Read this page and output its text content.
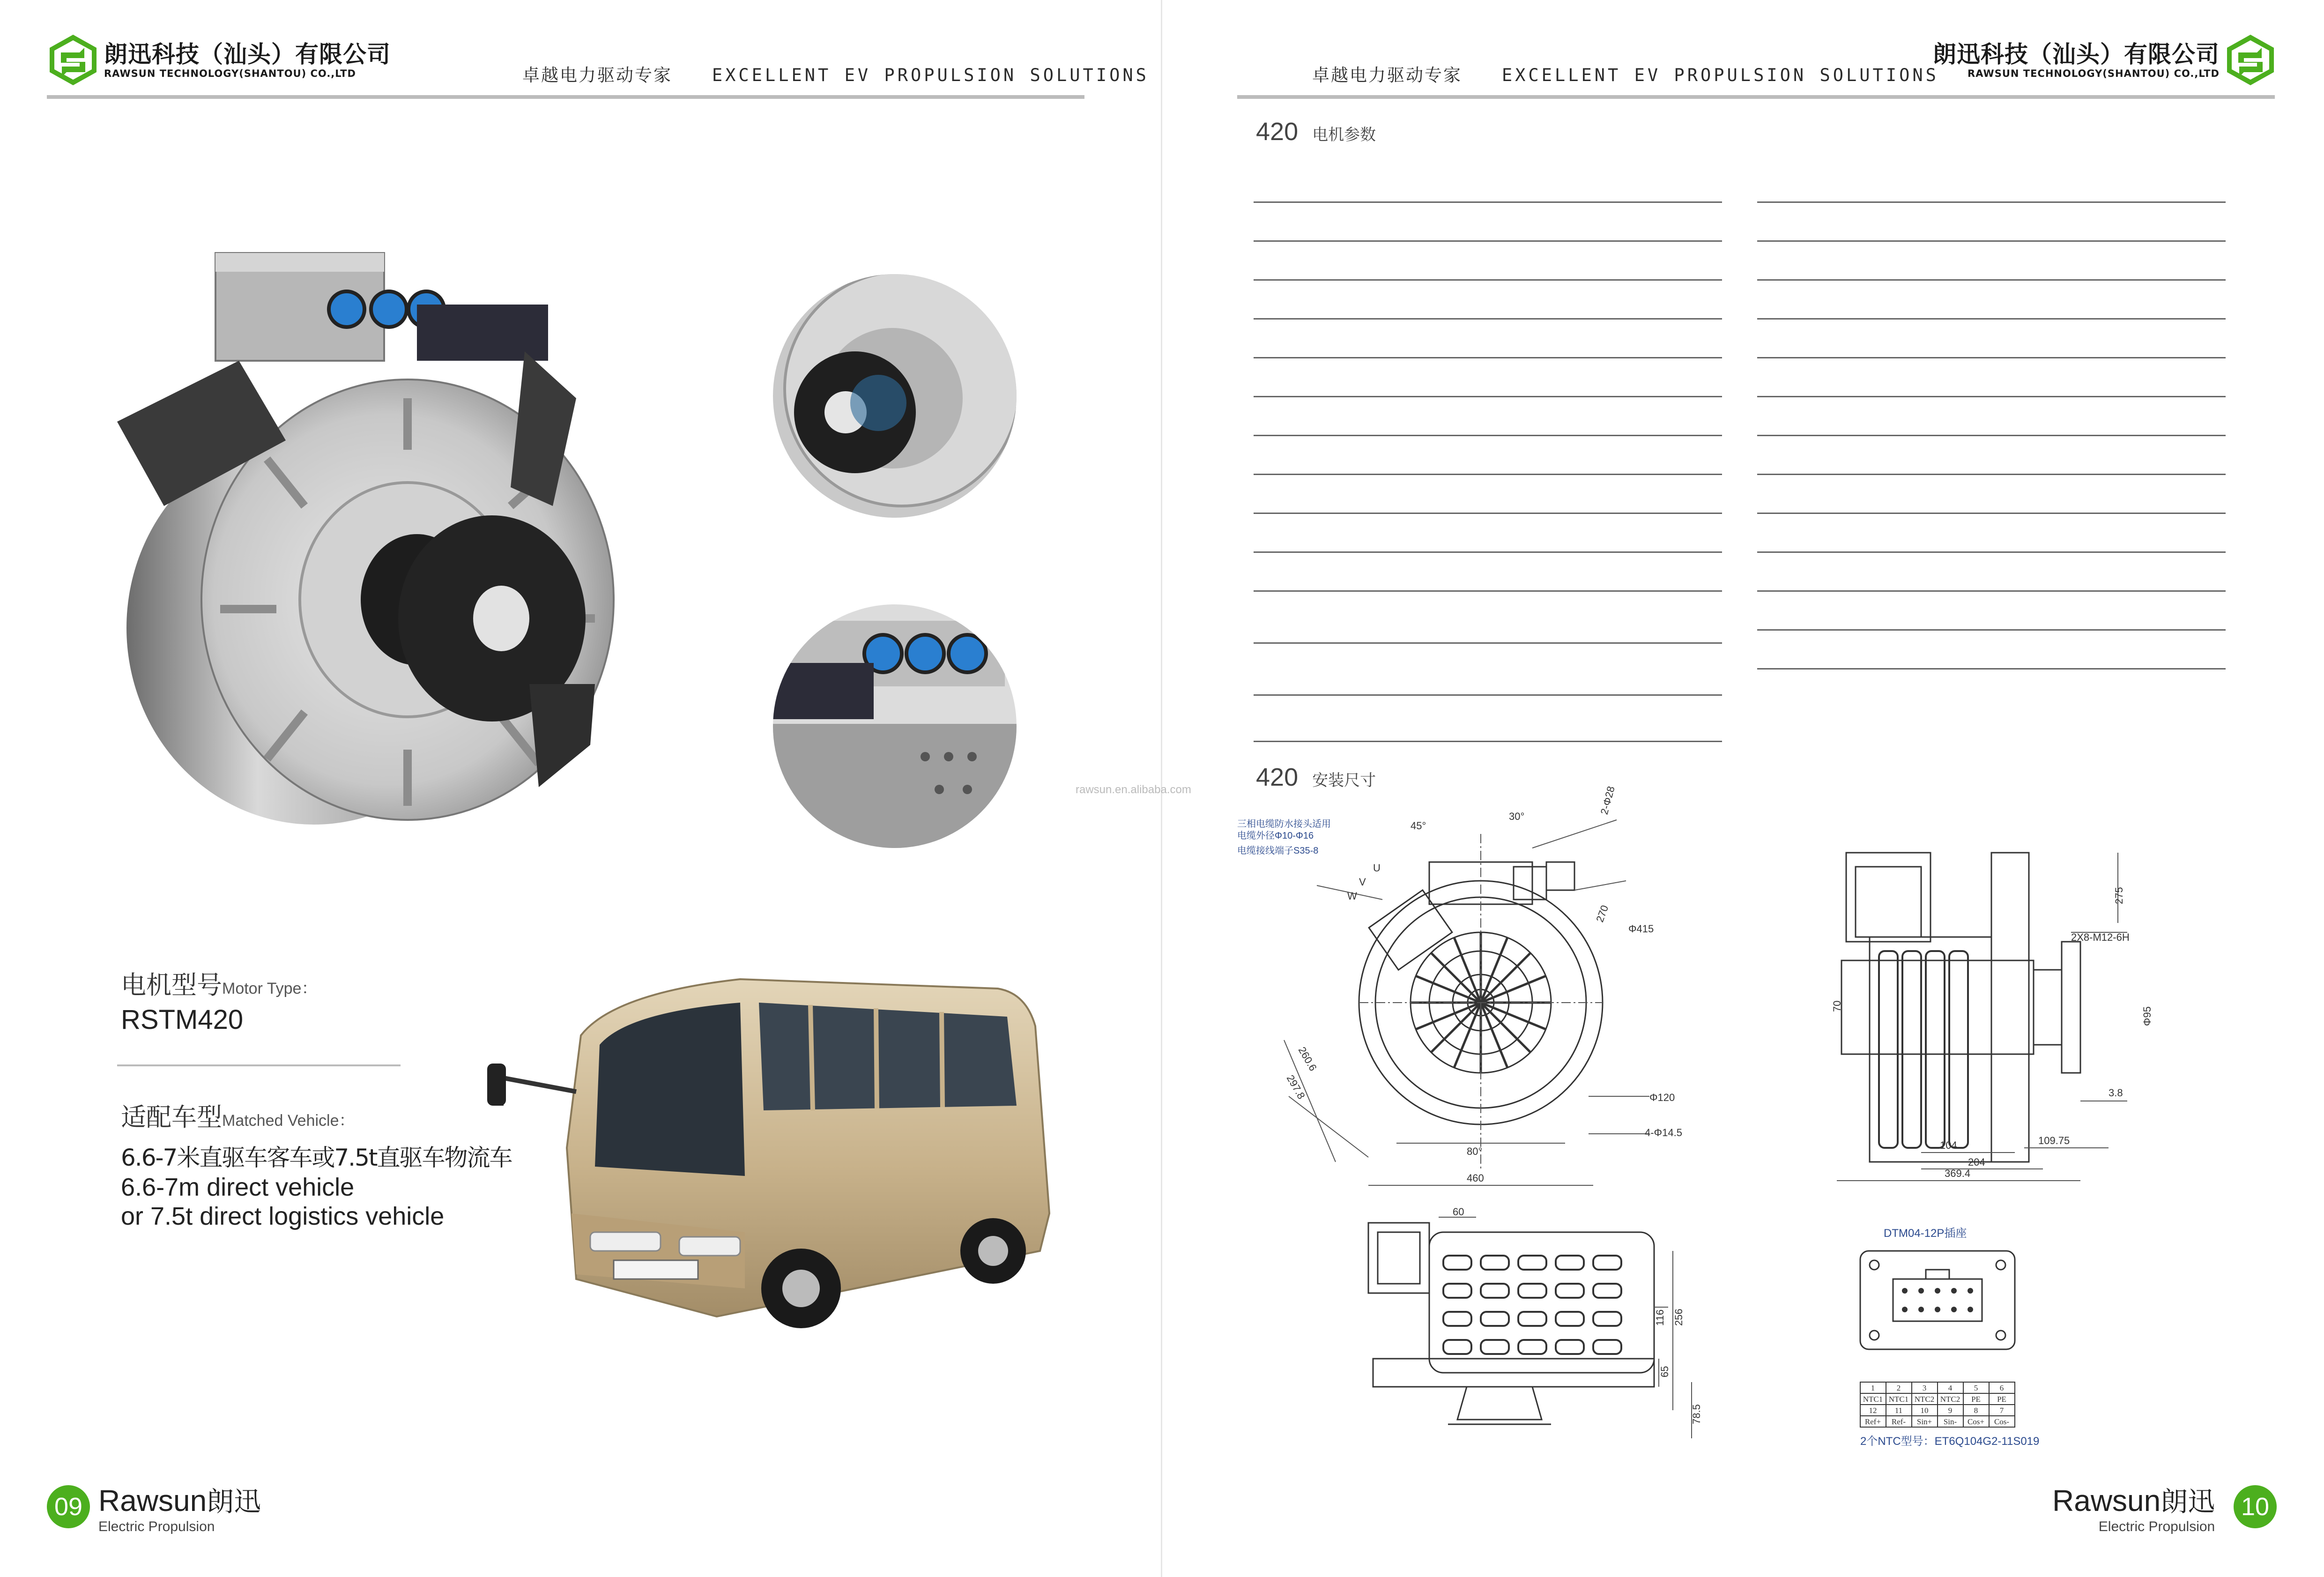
朗迅科技（汕头）有限公司
RAWSUN TECHNOLOGY(SHANTOU) CO.,LTD	卓越电力驱动专家 EXCELLENT EV PROPULSION SOLUTIONS
电机型号Motor Type：
RSTM420
适配车型Matched Vehicle：
6.6-7米直驱车客车或7.5t直驱车物流车
6.6-7m direct vehicle
or 7.5t direct logistics vehicle
09 Rawsun朗迅
Electric Propulsion
卓越电力驱动专家 EXCELLENT EV PROPULSION SOLUTIONS
朗迅科技（汕头）有限公司
RAWSUN TECHNOLOGY(SHANTOU) CO.,LTD
420 电机参数
rawsun.en.alibaba.com	420 安装尺寸
三相电缆防水接头适用
电缆外径Φ10-Φ16
电缆接线端子S35-8
45°
30°
80°
W
V
U
2-Φ28
Φ415
270
260.6
297.8	Φ120
4-Φ14.5
460
275
2X8-M12-6H
70
Φ95
3.8
104
204
109.75
369.4
60
116 256
65
78.5
DTM04-12P插座
1	2	3	4	5	6
NTC1 NTC1 NTC2 NTC2 PE PE
12 11 10 9	8	7
Ref+ Ref- Sin+ Sin- Cos+ Cos-
2个NTC型号：ET6Q104G2-11S019
Rawsun朗迅
Electric Propulsion
10
